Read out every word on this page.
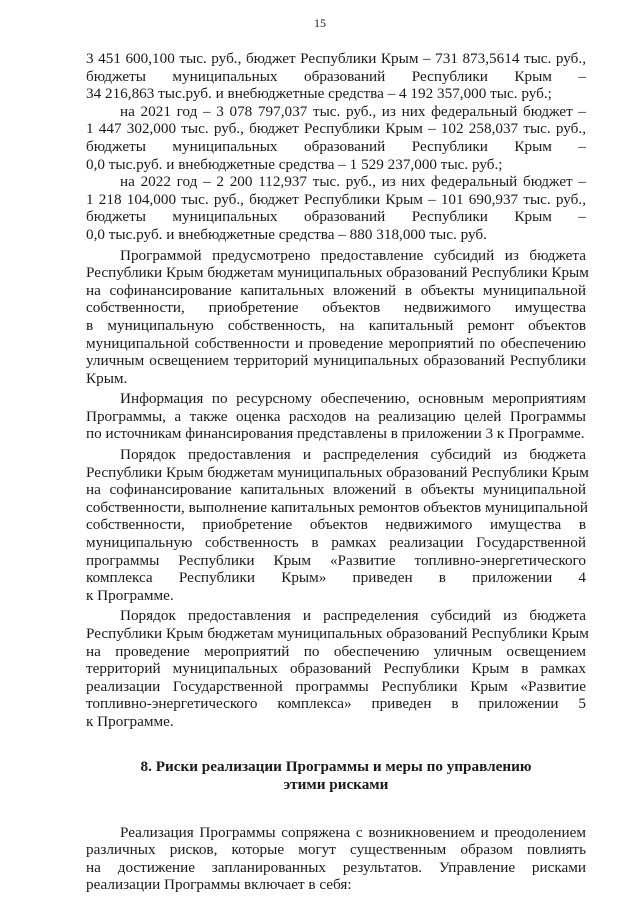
15
3 451 600,100 тыс. руб., бюджет Республики Крым – 731 873,5614 тыс. руб.,
бюджеты муниципальных образований Республики Крым –
34 216,863 тыс.руб. и внебюджетные средства – 4 192 357,000 тыс. руб.;
на 2021 год – 3 078 797,037 тыс. руб., из них федеральный бюджет –
1 447 302,000 тыс. руб., бюджет Республики Крым – 102 258,037 тыс. руб.,
бюджеты муниципальных образований Республики Крым –
0,0 тыс.руб. и внебюджетные средства – 1 529 237,000 тыс. руб.;
на 2022 год – 2 200 112,937 тыс. руб., из них федеральный бюджет –
1 218 104,000 тыс. руб., бюджет Республики Крым – 101 690,937 тыс. руб.,
бюджеты муниципальных образований Республики Крым –
0,0 тыс.руб. и внебюджетные средства – 880 318,000 тыс. руб.
Программой предусмотрено предоставление субсидий из бюджета
Республики Крым бюджетам муниципальных образований Республики Крым
на софинансирование капитальных вложений в объекты муниципальной
собственности, приобретение объектов недвижимого имущества
в муниципальную собственность, на капитальный ремонт объектов
муниципальной собственности и проведение мероприятий по обеспечению
уличным освещением территорий муниципальных образований Республики
Крым.
Информация по ресурсному обеспечению, основным мероприятиям
Программы, а также оценка расходов на реализацию целей Программы
по источникам финансирования представлены в приложении 3 к Программе.
Порядок предоставления и распределения субсидий из бюджета
Республики Крым бюджетам муниципальных образований Республики Крым
на софинансирование капитальных вложений в объекты муниципальной
собственности, выполнение капитальных ремонтов объектов муниципальной
собственности, приобретение объектов недвижимого имущества в
муниципальную собственность в рамках реализации Государственной
программы Республики Крым «Развитие топливно-энергетического
комплекса Республики Крым» приведен в приложении 4
к Программе.
Порядок предоставления и распределения субсидий из бюджета
Республики Крым бюджетам муниципальных образований Республики Крым
на проведение мероприятий по обеспечению уличным освещением
территорий муниципальных образований Республики Крым в рамках
реализации Государственной программы Республики Крым «Развитие
топливно-энергетического комплекса» приведен в приложении 5
к Программе.
8. Риски реализации Программы и меры по управлению
этими рисками
Реализация Программы сопряжена с возникновением и преодолением
различных рисков, которые могут существенным образом повлиять
на достижение запланированных результатов. Управление рисками
реализации Программы включает в себя:
